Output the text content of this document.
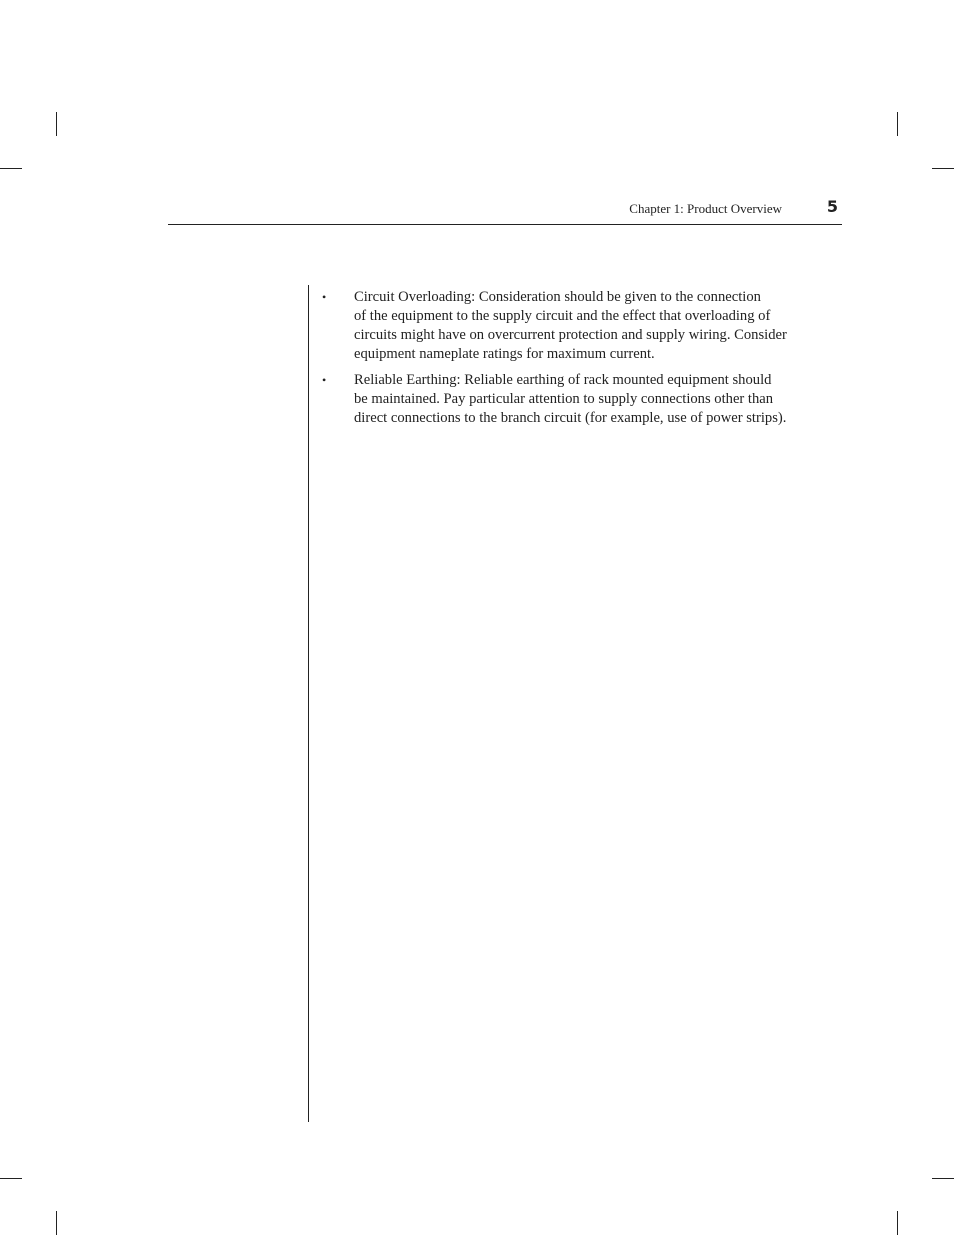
Chapter 1: Product Overview	5
• Circuit Overloading: Consideration should be given to the connection
of the equipment to the supply circuit and the effect that overloading of
circuits might have on overcurrent protection and supply wiring. Consider
equipment nameplate ratings for maximum current.
• Reliable Earthing: Reliable earthing of rack mounted equipment should
be maintained. Pay particular attention to supply connections other than
direct connections to the branch circuit (for example, use of power strips).
